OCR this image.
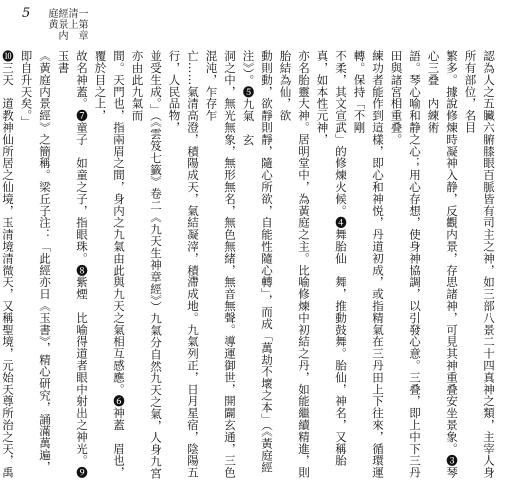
5	一第章 清上　 經景内庭黄

認為人之五臟六腑膝眼百脈皆有司主之神，如三部八景二十四真神之類，主宰人身所有部位，名目

繁多。據說修煉時凝神入静，反觀内景，存思諸神，可見其神重叠安坐景象。❸琴心三叠　内練術

語。琴心喻和静之心；用心存想，使身神協調，以引發心意。三叠，即上中下三丹田與諸宮相重叠。

練功者能作到這樣，即心和神悦，丹道初成，或指精氣在三丹田上下往來，循環運轉。保持「不剛

不柔，其文宣武」的修煉火候。❹舞胎仙　舞，推動鼓舞。胎仙，神名，又稱胎真，如本性元神，

亦名胎靈大神。居明堂中，為黃庭之主。比喻修煉中初結之丹，如能繼續精進，則胎結為仙，欲

動則動，欲靜則靜，隨心所欲，自能性隨心轉」，而成「萬劫不壞之本」（《黃庭經注》）。❺九氣　玄

洞之中，無光無象，無形無名，無色無緒，無音無聲。導運御世，開闢玄通，三色混沌，乍存乍

亡……氣清高澄，積陽成天，氣結凝滓，積滯成地。九氣列正，日月星宿，陰陽五行，人民品物，

並受生成。」（《雲笈七籤》卷二《九天生神章經》）九氣分自然九天之氣，人身九宮亦由此九氣而

間。天門也，指兩眉之間，身内之九氣由此與九天之氣相互感應。❻神蓋　眉也，覆於目之上，

故名神蓋。❼童子　如童之子，指眼珠。❽紫煙　比喻得道者眼中射出之神光。❾玉書

《黃庭内景經》之簡稱。梁丘子注：「此經亦日《玉書》，精心研究，誦滿萬遍，即自升天矣。」

❿三天　道教神仙所居之仙境，玉清境清微天，又稱聖境，元始天尊所治之天，禹
